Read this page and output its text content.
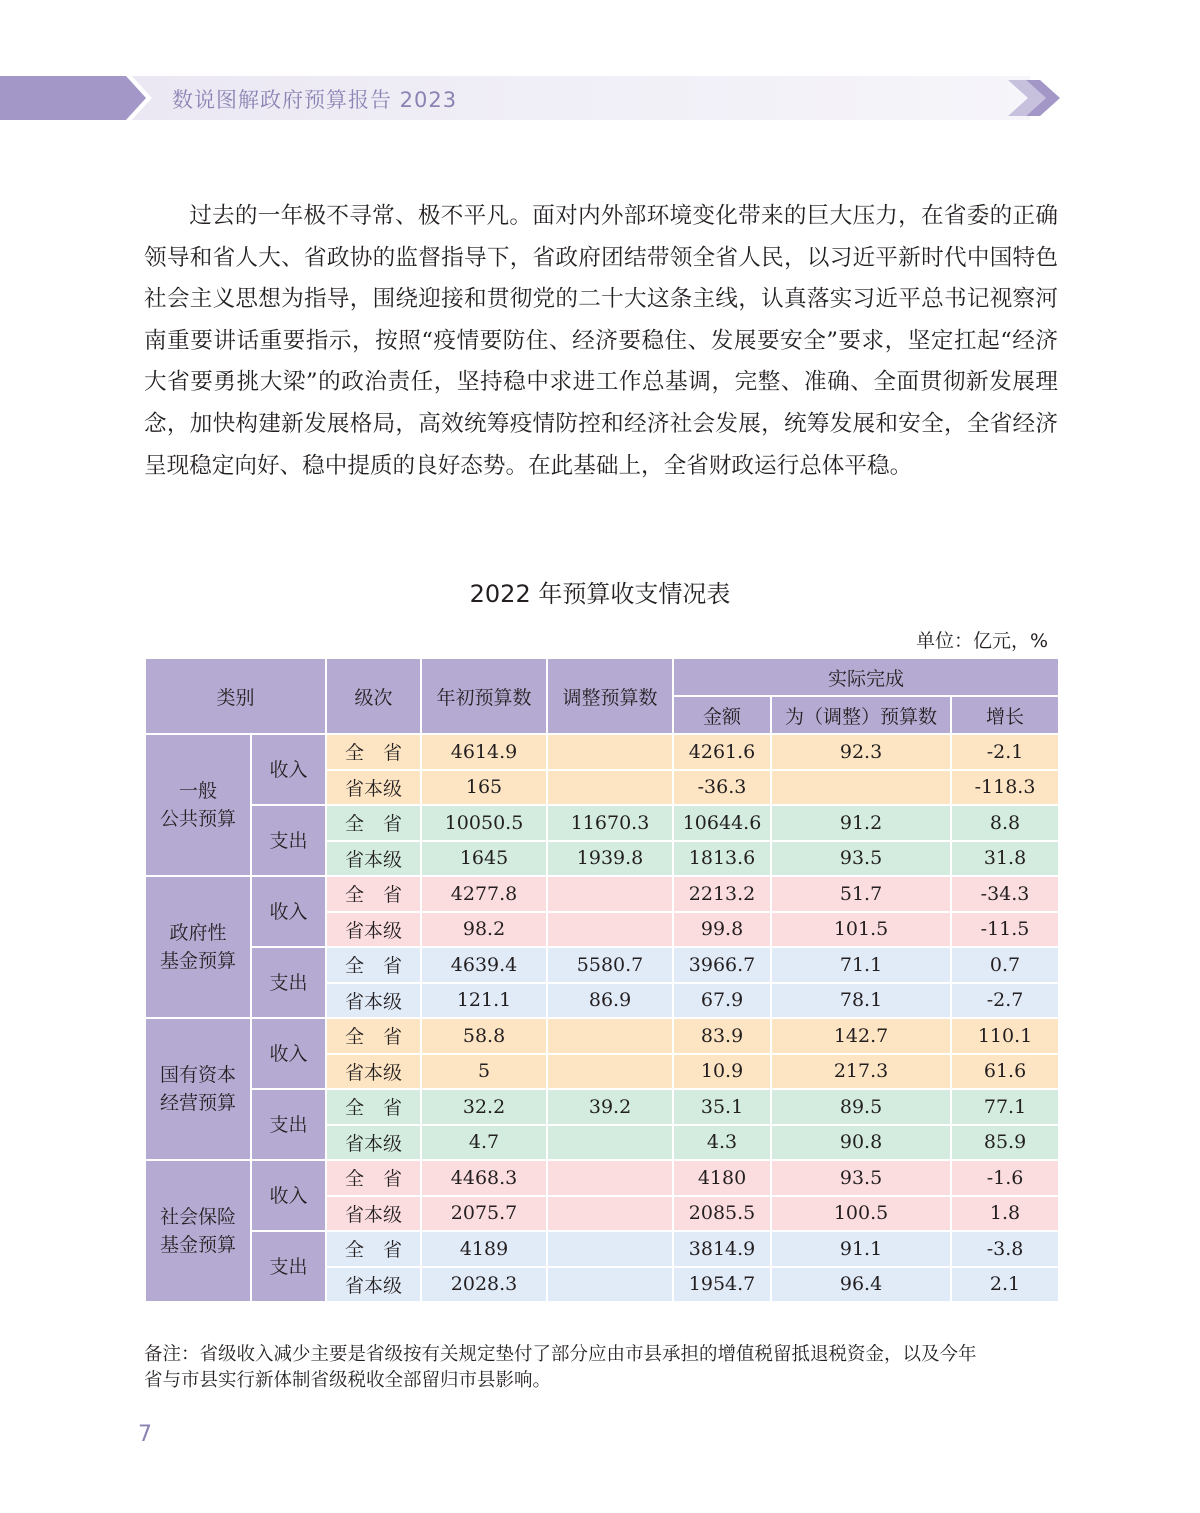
数说图解政府预算报告 2023

过去的一年极不寻常、极不平凡。面对内外部环境变化带来的巨大压力，在省委的正确领导和省人大、省政协的监督指导下，省政府团结带领全省人民，以习近平新时代中国特色社会主义思想为指导，围绕迎接和贯彻党的二十大这条主线，认真落实习近平总书记视察河南重要讲话重要指示，按照“疫情要防住、经济要稳住、发展要安全”要求，坚定扛起“经济大省要勇挑大梁”的政治责任，坚持稳中求进工作总基调，完整、准确、全面贯彻新发展理念，加快构建新发展格局，高效统筹疫情防控和经济社会发展，统筹发展和安全，全省经济呈现稳定向好、稳中提质的良好态势。在此基础上，全省财政运行总体平稳。

2022 年预算收支情况表
单位：亿元，%
类别		级次	年初预算数	调整预算数	实际完成		
					金额	为（调整）预算数	增长
一般
公共预算	收入	全　省	4614.9		4261.6	92.3	-2.1
		省本级	165		-36.3		-118.3
	支出	全　省	10050.5	11670.3	10644.6	91.2	8.8
		省本级	1645	1939.8	1813.6	93.5	31.8
政府性
基金预算	收入	全　省	4277.8		2213.2	51.7	-34.3
		省本级	98.2		99.8	101.5	-11.5
	支出	全　省	4639.4	5580.7	3966.7	71.1	0.7
		省本级	121.1	86.9	67.9	78.1	-2.7
国有资本
经营预算	收入	全　省	58.8		83.9	142.7	110.1
		省本级	5		10.9	217.3	61.6
	支出	全　省	32.2	39.2	35.1	89.5	77.1
		省本级	4.7		4.3	90.8	85.9
社会保险
基金预算	收入	全　省	4468.3		4180	93.5	-1.6
		省本级	2075.7		2085.5	100.5	1.8
	支出	全　省	4189		3814.9	91.1	-3.8
		省本级	2028.3		1954.7	96.4	2.1

备注：省级收入减少主要是省级按有关规定垫付了部分应由市县承担的增值税留抵退税资金，以及今年
省与市县实行新体制省级税收全部留归市县影响。

7
